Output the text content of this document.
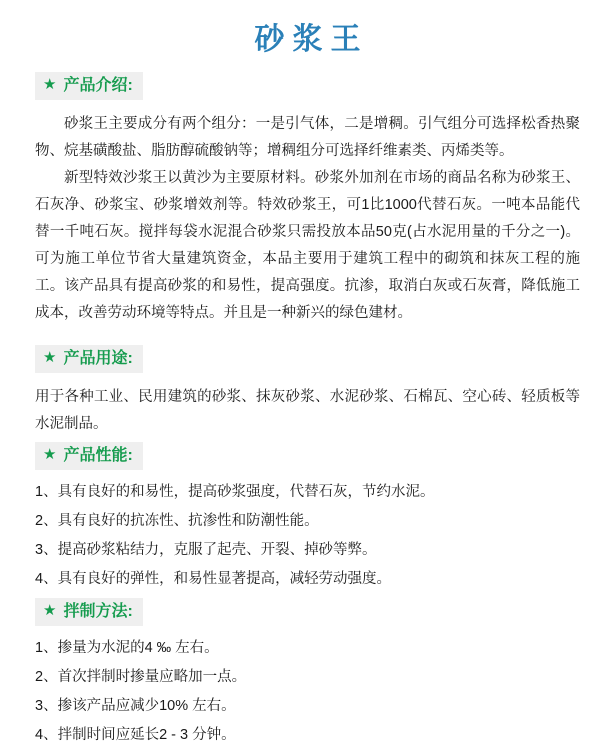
砂浆王
★ 产品介绍:

砂浆王主要成分有两个组分：一是引气体，二是增稠。引气组分可选择松香热聚物、烷基磺酸盐、脂肪醇硫酸钠等；增稠组分可选择纤维素类、丙烯类等。

新型特效沙浆王以黄沙为主要原材料。砂浆外加剂在市场的商品名称为砂浆王、石灰净、砂浆宝、砂浆增效剂等。特效砂浆王，可1比1000代替石灰。一吨本品能代替一千吨石灰。搅拌每袋水泥混合砂浆只需投放本品50克(占水泥用量的千分之一)。可为施工单位节省大量建筑资金，本品主要用于建筑工程中的砌筑和抹灰工程的施工。该产品具有提高砂浆的和易性，提高强度。抗渗，取消白灰或石灰膏，降低施工成本，改善劳动环境等特点。并且是一种新兴的绿色建材。

★ 产品用途:

用于各种工业、民用建筑的砂浆、抹灰砂浆、水泥砂浆、石棉瓦、空心砖、轻质板等水泥制品。

★ 产品性能:

1、具有良好的和易性，提高砂浆强度，代替石灰，节约水泥。

2、具有良好的抗冻性、抗渗性和防潮性能。

3、提高砂浆粘结力，克服了起壳、开裂、掉砂等弊。

4、具有良好的弹性，和易性显著提高，减轻劳动强度。

★ 拌制方法:

1、掺量为水泥的4 ‰ 左右。

2、首次拌制时掺量应略加一点。

3、掺该产品应减少10% 左右。

4、拌制时间应延长2 - 3 分钟。
